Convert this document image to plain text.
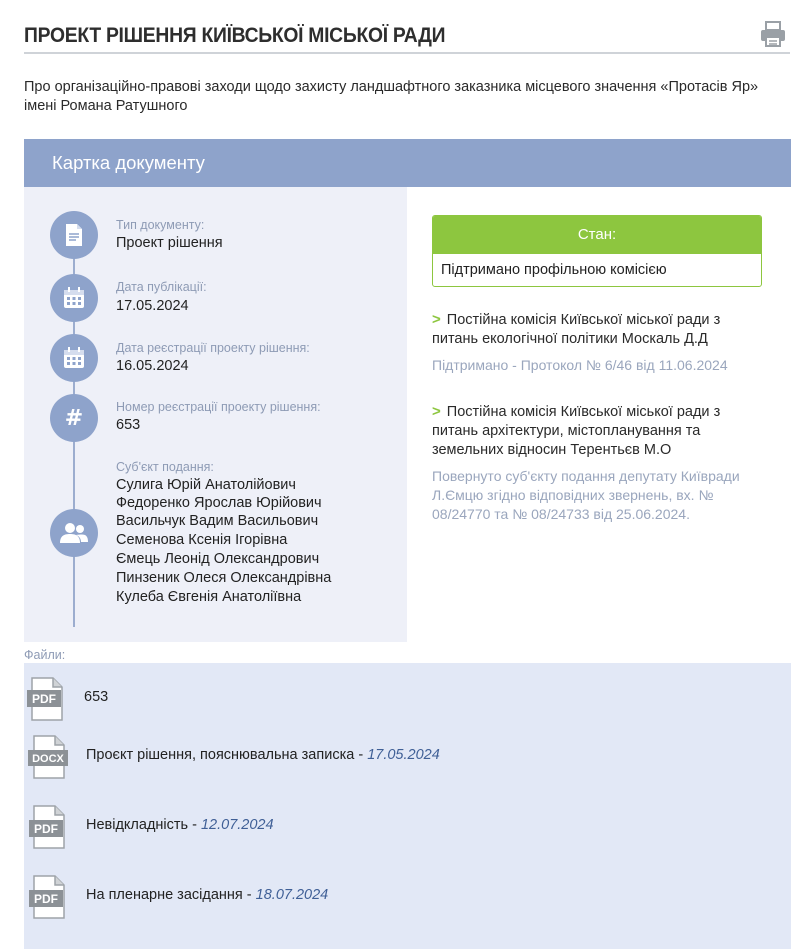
ПРОЕКТ РІШЕННЯ КИЇВСЬКОЇ МІСЬКОЇ РАДИ
Про організаційно-правові заходи щодо захисту ландшафтного заказника місцевого значення «Протасів Яр» імені Романа Ратушного
Картка документу
Тип документу:
Проект рішення
Дата публікації:
17.05.2024
Дата реєстрації проекту рішення:
16.05.2024
#	Номер реєстрації проекту рішення:
653
Суб'єкт подання:
Сулига Юрій Анатолійович
Федоренко Ярослав Юрійович
Васильчук Вадим Васильович
Семенова Ксенія Ігорівна
Ємець Леонід Олександрович
Пинзеник Олеся Олександрівна
Кулеба Євгенія Анатоліївна
Стан:
Підтримано профільною комісією
> Постійна комісія Київської міської ради з питань екологічної політики Москаль Д.Д
Підтримано - Протокол № 6/46 від 11.06.2024
> Постійна комісія Київської міської ради з питань архітектури, містопланування та земельних відносин Терентьєв М.О
Повернуто суб'єкту подання депутату Київради Л.Ємцю згідно відповідних звернень, вх. № 08/24770 та № 08/24733 від 25.06.2024.
Файли:
PDF 653
DOCX Проєкт рішення, пояснювальна записка - 17.05.2024
PDF Невідкладність - 12.07.2024
PDF На пленарне засідання - 18.07.2024
